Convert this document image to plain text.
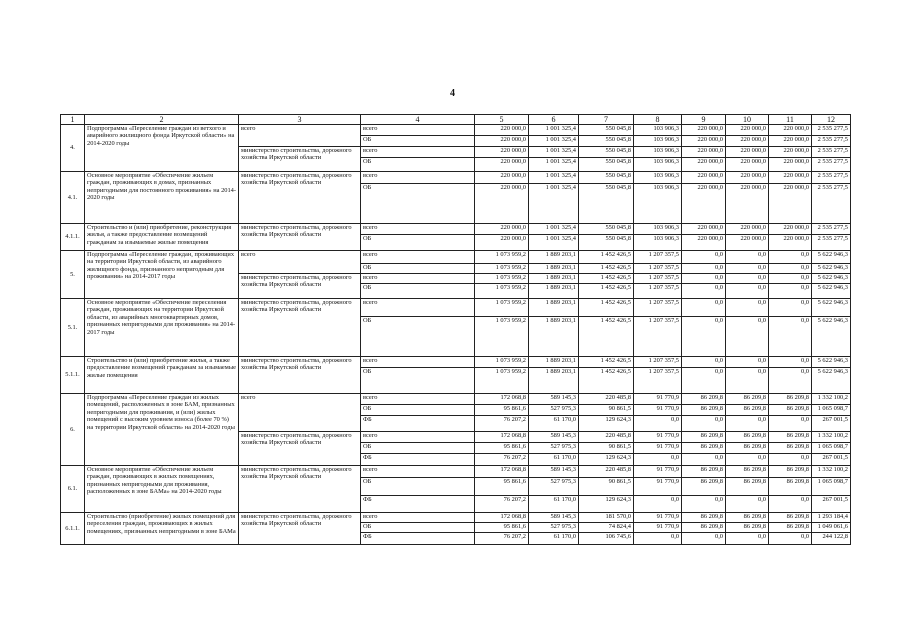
4
1	2	3	4	5	6	7	8	9	10	11	12
4.	Подпрограмма «Переселение граждан из ветхого и аварийного жилищного фонда Иркутской области» на 2014-2020 годы	всего	всего	220 000,0	1 001 325,4	550 045,8	103 906,3	220 000,0	220 000,0	220 000,0	2 535 277,5
			ОБ	220 000,0	1 001 325,4	550 045,8	103 906,3	220 000,0	220 000,0	220 000,0	2 535 277,5
		министерство строительства, дорожного хозяйства Иркутской области	всего	220 000,0	1 001 325,4	550 045,8	103 906,3	220 000,0	220 000,0	220 000,0	2 535 277,5
			ОБ	220 000,0	1 001 325,4	550 045,8	103 906,3	220 000,0	220 000,0	220 000,0	2 535 277,5
4.1.	Основное мероприятие «Обеспечение жильем граждан, проживающих в домах, признанных непригодными для постоянного проживания» на 2014-2020 годы	министерство строительства, дорожного хозяйства Иркутской области	всего	220 000,0	1 001 325,4	550 045,8	103 906,3	220 000,0	220 000,0	220 000,0	2 535 277,5
			ОБ	220 000,0	1 001 325,4	550 045,8	103 906,3	220 000,0	220 000,0	220 000,0	2 535 277,5
4.1.1.	Строительство и (или) приобретение, реконструкция жилья, а также предоставление возмещений гражданам за изымаемые жилые помещения	министерство строительства, дорожного хозяйства Иркутской области	всего	220 000,0	1 001 325,4	550 045,8	103 906,3	220 000,0	220 000,0	220 000,0	2 535 277,5
			ОБ	220 000,0	1 001 325,4	550 045,8	103 906,3	220 000,0	220 000,0	220 000,0	2 535 277,5
5.	Подпрограмма «Переселение граждан, проживающих на территории Иркутской области, из аварийного жилищного фонда, признанного непригодным для проживания» на 2014-2017 годы	всего	всего	1 073 959,2	1 889 203,1	1 452 426,5	1 207 357,5	0,0	0,0	0,0	5 622 946,3
			ОБ	1 073 959,2	1 889 203,1	1 452 426,5	1 207 357,5	0,0	0,0	0,0	5 622 946,3
		министерство строительства, дорожного хозяйства Иркутской области	всего	1 073 959,2	1 889 203,1	1 452 426,5	1 207 357,5	0,0	0,0	0,0	5 622 946,3
			ОБ	1 073 959,2	1 889 203,1	1 452 426,5	1 207 357,5	0,0	0,0	0,0	5 622 946,3
5.1.	Основное мероприятие «Обеспечение переселения граждан, проживающих на территории Иркутской области, из аварийных многоквартирных домов, признанных непригодными для проживания» на 2014-2017 годы	министерство строительства, дорожного хозяйства Иркутской области	всего	1 073 959,2	1 889 203,1	1 452 426,5	1 207 357,5	0,0	0,0	0,0	5 622 946,3
			ОБ	1 073 959,2	1 889 203,1	1 452 426,5	1 207 357,5	0,0	0,0	0,0	5 622 946,3
5.1.1.	Строительство и (или) приобретение жилья, а также предоставление возмещений гражданам за изымаемые жилые помещения	министерство строительства, дорожного хозяйства Иркутской области	всего	1 073 959,2	1 889 203,1	1 452 426,5	1 207 357,5	0,0	0,0	0,0	5 622 946,3
			ОБ	1 073 959,2	1 889 203,1	1 452 426,5	1 207 357,5	0,0	0,0	0,0	5 622 946,3
6.	Подпрограмма «Переселение граждан из жилых помещений, расположенных в зоне БАМ, признанных непригодными для проживания, и (или) жилых помещений с высоким уровнем износа (более 70 %) на территории Иркутской области» на 2014-2020 годы	всего	всего	172 068,8	589 145,3	220 485,8	91 770,9	86 209,8	86 209,8	86 209,8	1 332 100,2
			ОБ	95 861,6	527 975,3	90 861,5	91 770,9	86 209,8	86 209,8	86 209,8	1 065 098,7
			ФБ	76 207,2	61 170,0	129 624,3	0,0	0,0	0,0	0,0	267 001,5
		министерство строительства, дорожного хозяйства Иркутской области	всего	172 068,8	589 145,3	220 485,8	91 770,9	86 209,8	86 209,8	86 209,8	1 332 100,2
			ОБ	95 861,6	527 975,3	90 861,5	91 770,9	86 209,8	86 209,8	86 209,8	1 065 098,7
			ФБ	76 207,2	61 170,0	129 624,3	0,0	0,0	0,0	0,0	267 001,5
6.1.	Основное мероприятие «Обеспечение жильем граждан, проживающих в жилых помещениях, признанных непригодными для проживания, расположенных в зоне БАМа» на 2014-2020 годы	министерство строительства, дорожного хозяйства Иркутской области	всего	172 068,8	589 145,3	220 485,8	91 770,9	86 209,8	86 209,8	86 209,8	1 332 100,2
			ОБ	95 861,6	527 975,3	90 861,5	91 770,9	86 209,8	86 209,8	86 209,8	1 065 098,7
			ФБ	76 207,2	61 170,0	129 624,3	0,0	0,0	0,0	0,0	267 001,5
6.1.1.	Строительство (приобретение) жилых помещений для переселения граждан, проживающих в жилых помещениях, признанных непригодными в зоне БАМа	министерство строительства, дорожного хозяйства Иркутской области	всего	172 068,8	589 145,3	181 570,0	91 770,9	86 209,8	86 209,8	86 209,8	1 293 184,4
			ОБ	95 861,6	527 975,3	74 824,4	91 770,9	86 209,8	86 209,8	86 209,8	1 049 061,6
			ФБ	76 207,2	61 170,0	106 745,6	0,0	0,0	0,0	0,0	244 122,8
